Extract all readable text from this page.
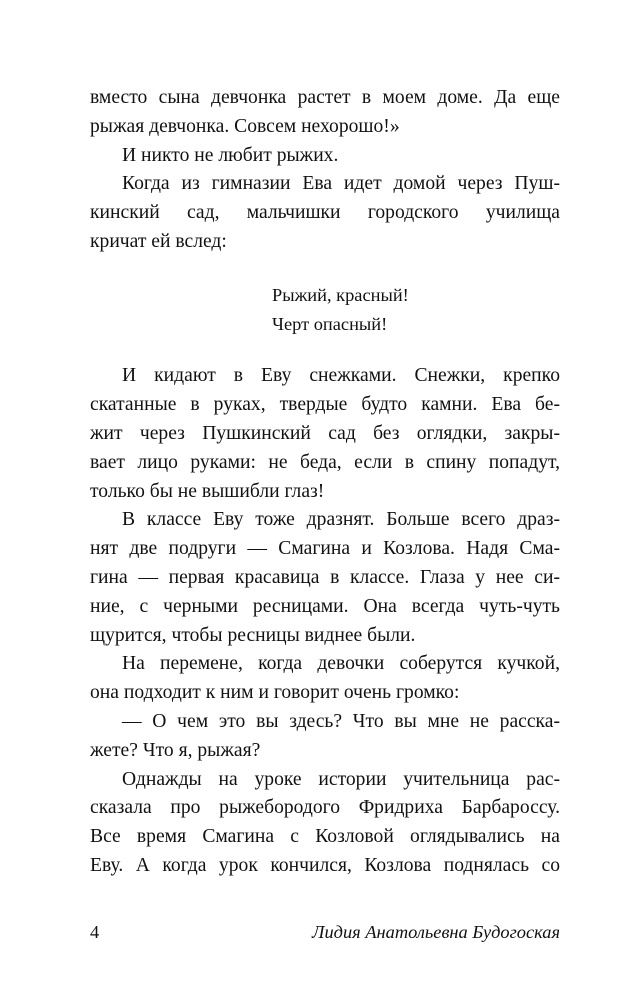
вместо сына девчонка растет в моем доме. Да еще
рыжая девчонка. Совсем нехорошо!»
И никто не любит рыжих.
Когда из гимназии Ева идет домой через Пуш-
кинский сад, мальчишки городского училища
кричат ей вслед:
Рыжий, красный!
Черт опасный!
И кидают в Еву снежками. Снежки, крепко
скатанные в руках, твердые будто камни. Ева бе-
жит через Пушкинский сад без оглядки, закры-
вает лицо руками: не беда, если в спину попадут,
только бы не вышибли глаз!
В классе Еву тоже дразнят. Больше всего драз-
нят две подруги — Смагина и Козлова. Надя Сма-
гина — первая красавица в классе. Глаза у нее си-
ние, с черными ресницами. Она всегда чуть-чуть
щурится, чтобы ресницы виднее были.
На перемене, когда девочки соберутся кучкой,
она подходит к ним и говорит очень громко:
— О чем это вы здесь? Что вы мне не расска-
жете? Что я, рыжая?
Однажды на уроке истории учительница рас-
сказала про рыжебородого Фридриха Барбароссу.
Все время Смагина с Козловой оглядывались на
Еву. А когда урок кончился, Козлова поднялась со
4	Лидия Анатольевна Будогоская
